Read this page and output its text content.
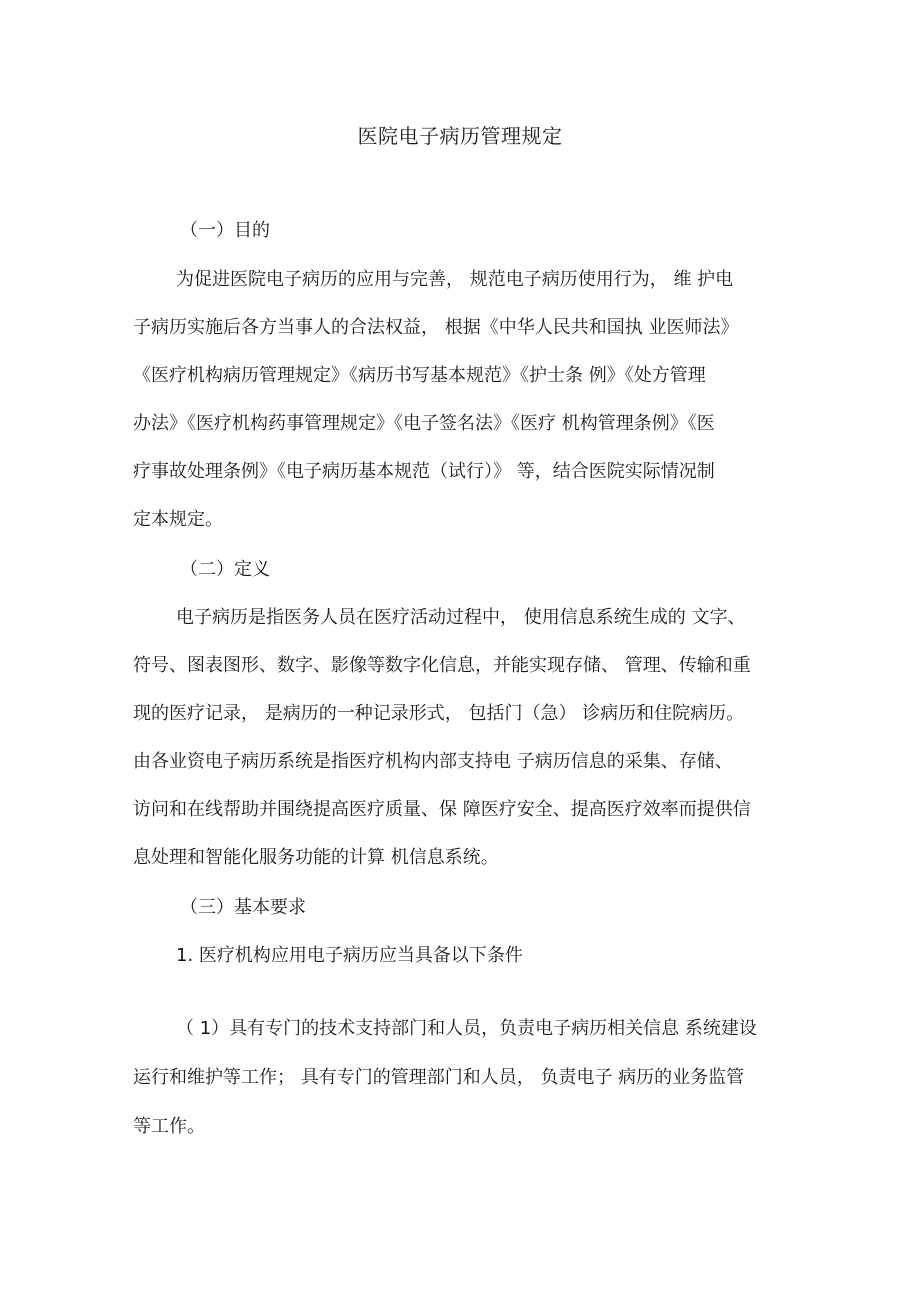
医院电子病历管理规定
（一）目的
为促进医院电子病历的应用与完善， 规范电子病历使用行为， 维 护电
子病历实施后各方当事人的合法权益， 根据《中华人民共和国执 业医师法》
《医疗机构病历管理规定》《病历书写基本规范》《护士条 例》《处方管理
办法》《医疗机构药事管理规定》《电子签名法》《医疗 机构管理条例》《医
疗事故处理条例》《电子病历基本规范（试行）》 等，结合医院实际情况制
定本规定。
（二）定义
电子病历是指医务人员在医疗活动过程中， 使用信息系统生成的 文字、
符号、图表图形、数字、影像等数字化信息，并能实现存储、 管理、传输和重
现的医疗记录， 是病历的一种记录形式， 包括门（急） 诊病历和住院病历。
由各业资电子病历系统是指医疗机构内部支持电 子病历信息的采集、存储、
访问和在线帮助并围绕提高医疗质量、保 障医疗安全、提高医疗效率而提供信
息处理和智能化服务功能的计算 机信息系统。
（三）基本要求
1. 医疗机构应用电子病历应当具备以下条件
（ 1）具有专门的技术支持部门和人员，负责电子病历相关信息 系统建设
运行和维护等工作； 具有专门的管理部门和人员， 负责电子 病历的业务监管
等工作。
